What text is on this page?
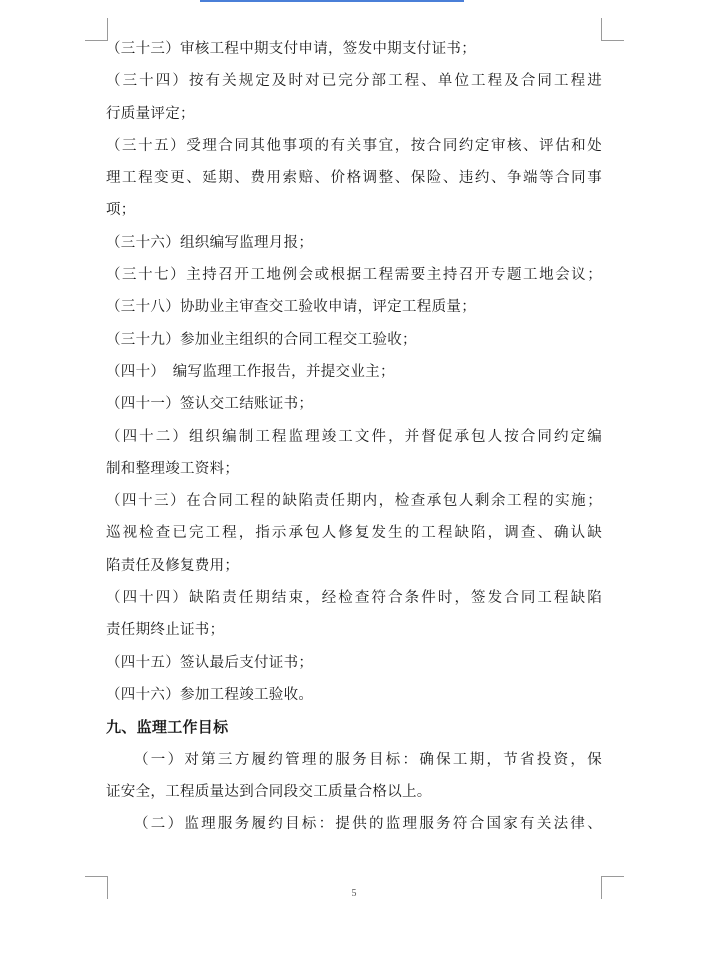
（三十三）审核工程中期支付申请，签发中期支付证书；
（三十四）按有关规定及时对已完分部工程、单位工程及合同工程进
行质量评定；
（三十五）受理合同其他事项的有关事宜，按合同约定审核、评估和处
理工程变更、延期、费用索赔、价格调整、保险、违约、争端等合同事
项；
（三十六）组织编写监理月报；
（三十七）主持召开工地例会或根据工程需要主持召开专题工地会议；
（三十八）协助业主审查交工验收申请，评定工程质量；
（三十九）参加业主组织的合同工程交工验收；
（四十）　编写监理工作报告，并提交业主；
（四十一）签认交工结账证书；
（四十二）组织编制工程监理竣工文件，并督促承包人按合同约定编
制和整理竣工资料；
（四十三）在合同工程的缺陷责任期内，检查承包人剩余工程的实施；
巡视检查已完工程，指示承包人修复发生的工程缺陷，调查、确认缺
陷责任及修复费用；
（四十四）缺陷责任期结束，经检查符合条件时，签发合同工程缺陷
责任期终止证书；
（四十五）签认最后支付证书；
（四十六）参加工程竣工验收。
九、监理工作目标
（一）对第三方履约管理的服务目标：确保工期，节省投资，保
证安全，工程质量达到合同段交工质量合格以上。
（二）监理服务履约目标：提供的监理服务符合国家有关法律、
5
